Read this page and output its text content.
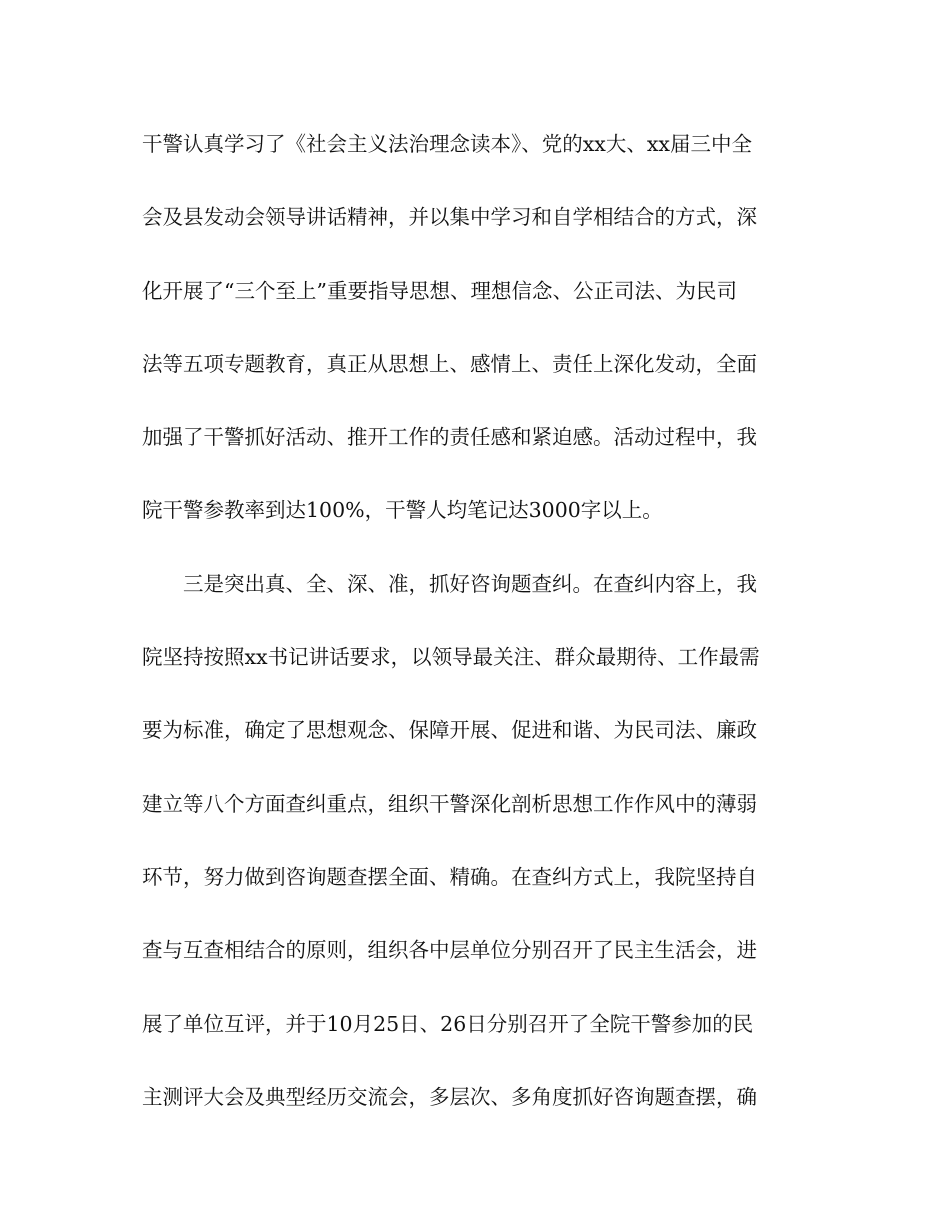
干警认真学习了《社会主义法治理念读本》、党的xx大、xx届三中全
会及县发动会领导讲话精神，并以集中学习和自学相结合的方式，深
化开展了“三个至上”重要指导思想、理想信念、公正司法、为民司
法等五项专题教育，真正从思想上、感情上、责任上深化发动，全面
加强了干警抓好活动、推开工作的责任感和紧迫感。活动过程中，我
院干警参教率到达100%，干警人均笔记达3000字以上。
三是突出真、全、深、准，抓好咨询题查纠。在查纠内容上，我
院坚持按照xx书记讲话要求，以领导最关注、群众最期待、工作最需
要为标准，确定了思想观念、保障开展、促进和谐、为民司法、廉政
建立等八个方面查纠重点，组织干警深化剖析思想工作作风中的薄弱
环节，努力做到咨询题查摆全面、精确。在查纠方式上，我院坚持自
查与互查相结合的原则，组织各中层单位分别召开了民主生活会，进
展了单位互评，并于10月25日、26日分别召开了全院干警参加的民
主测评大会及典型经历交流会，多层次、多角度抓好咨询题查摆，确
